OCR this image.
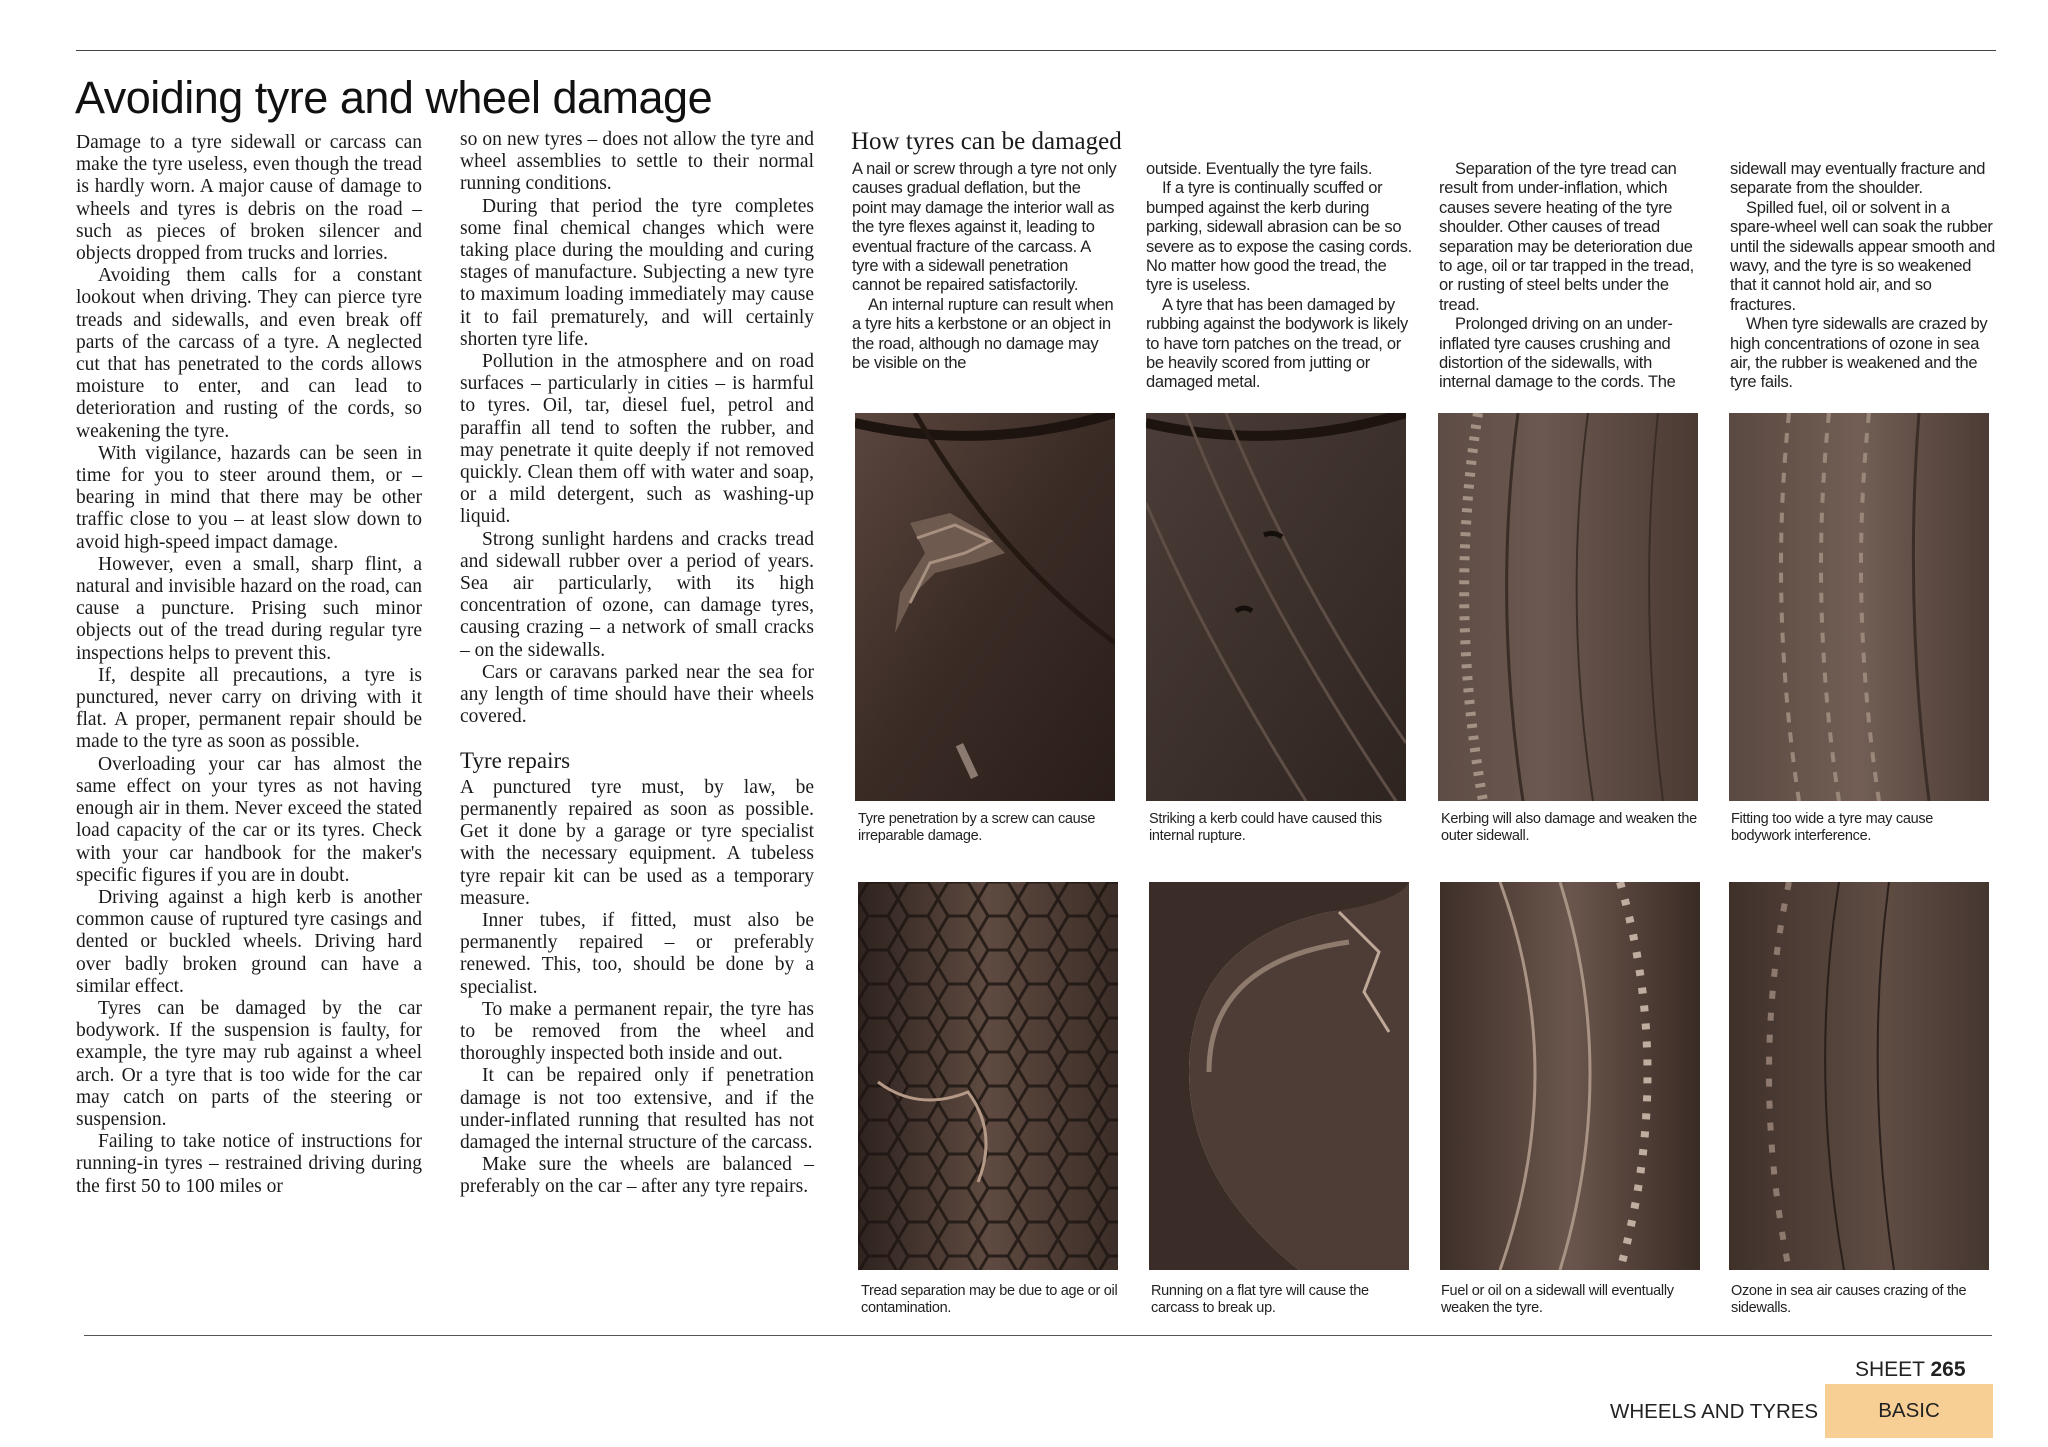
Avoiding tyre and wheel damage

Damage to a tyre sidewall or carcass can make the tyre useless, even though the tread is hardly worn. A major cause of damage to wheels and tyres is debris on the road – such as pieces of broken silencer and objects dropped from trucks and lorries.

Avoiding them calls for a constant lookout when driving. They can pierce tyre treads and sidewalls, and even break off parts of the carcass of a tyre. A neglected cut that has penetrated to the cords allows moisture to enter, and can lead to deterioration and rusting of the cords, so weakening the tyre.

With vigilance, hazards can be seen in time for you to steer around them, or – bearing in mind that there may be other traffic close to you – at least slow down to avoid high-speed impact damage.

However, even a small, sharp flint, a natural and invisible hazard on the road, can cause a puncture. Prising such minor objects out of the tread during regular tyre inspections helps to prevent this.

If, despite all precautions, a tyre is punctured, never carry on driving with it flat. A proper, permanent repair should be made to the tyre as soon as possible.

Overloading your car has almost the same effect on your tyres as not having enough air in them. Never exceed the stated load capacity of the car or its tyres. Check with your car handbook for the maker's specific figures if you are in doubt.

Driving against a high kerb is another common cause of ruptured tyre casings and dented or buckled wheels. Driving hard over badly broken ground can have a similar effect.

Tyres can be damaged by the car bodywork. If the suspension is faulty, for example, the tyre may rub against a wheel arch. Or a tyre that is too wide for the car may catch on parts of the steering or suspension.

Failing to take notice of instructions for running-in tyres – restrained driving during the first 50 to 100 miles or

so on new tyres – does not allow the tyre and wheel assemblies to settle to their normal running conditions.

During that period the tyre completes some final chemical changes which were taking place during the moulding and curing stages of manufacture. Subjecting a new tyre to maximum loading immediately may cause it to fail prematurely, and will certainly shorten tyre life.

Pollution in the atmosphere and on road surfaces – particularly in cities – is harmful to tyres. Oil, tar, diesel fuel, petrol and paraffin all tend to soften the rubber, and may penetrate it quite deeply if not removed quickly. Clean them off with water and soap, or a mild detergent, such as washing-up liquid.

Strong sunlight hardens and cracks tread and sidewall rubber over a period of years. Sea air particularly, with its high concentration of ozone, can damage tyres, causing crazing – a network of small cracks – on the sidewalls.

Cars or caravans parked near the sea for any length of time should have their wheels covered.

Tyre repairs

A punctured tyre must, by law, be permanently repaired as soon as possible. Get it done by a garage or tyre specialist with the necessary equipment. A tubeless tyre repair kit can be used as a temporary measure.

Inner tubes, if fitted, must also be permanently repaired – or preferably renewed. This, too, should be done by a specialist.

To make a permanent repair, the tyre has to be removed from the wheel and thoroughly inspected both inside and out.

It can be repaired only if penetration damage is not too extensive, and if the under-inflated running that resulted has not damaged the internal structure of the carcass.

Make sure the wheels are balanced – preferably on the car – after any tyre repairs.

How tyres can be damaged

A nail or screw through a tyre not only causes gradual deflation, but the point may damage the interior wall as the tyre flexes against it, leading to eventual fracture of the carcass. A tyre with a sidewall penetration cannot be repaired satisfactorily.

An internal rupture can result when a tyre hits a kerbstone or an object in the road, although no damage may be visible on the

outside. Eventually the tyre fails.

If a tyre is continually scuffed or bumped against the kerb during parking, sidewall abrasion can be so severe as to expose the casing cords. No matter how good the tread, the tyre is useless.

A tyre that has been damaged by rubbing against the bodywork is likely to have torn patches on the tread, or be heavily scored from jutting or damaged metal.

Separation of the tyre tread can result from under-inflation, which causes severe heating of the tyre shoulder. Other causes of tread separation may be deterioration due to age, oil or tar trapped in the tread, or rusting of steel belts under the tread.

Prolonged driving on an under-inflated tyre causes crushing and distortion of the sidewalls, with internal damage to the cords. The

sidewall may eventually fracture and separate from the shoulder.

Spilled fuel, oil or solvent in a spare-wheel well can soak the rubber until the sidewalls appear smooth and wavy, and the tyre is so weakened that it cannot hold air, and so fractures.

When tyre sidewalls are crazed by high concentrations of ozone in sea air, the rubber is weakened and the tyre fails.

Tyre penetration by a screw can cause irreparable damage.
Striking a kerb could have caused this internal rupture.
Kerbing will also damage and weaken the outer sidewall.
Fitting too wide a tyre may cause bodywork interference.
Tread separation may be due to age or oil contamination.
Running on a flat tyre will cause the carcass to break up.
Fuel or oil on a sidewall will eventually weaken the tyre.
Ozone in sea air causes crazing of the sidewalls.
SHEET 265
WHEELS AND TYRES	BASIC
